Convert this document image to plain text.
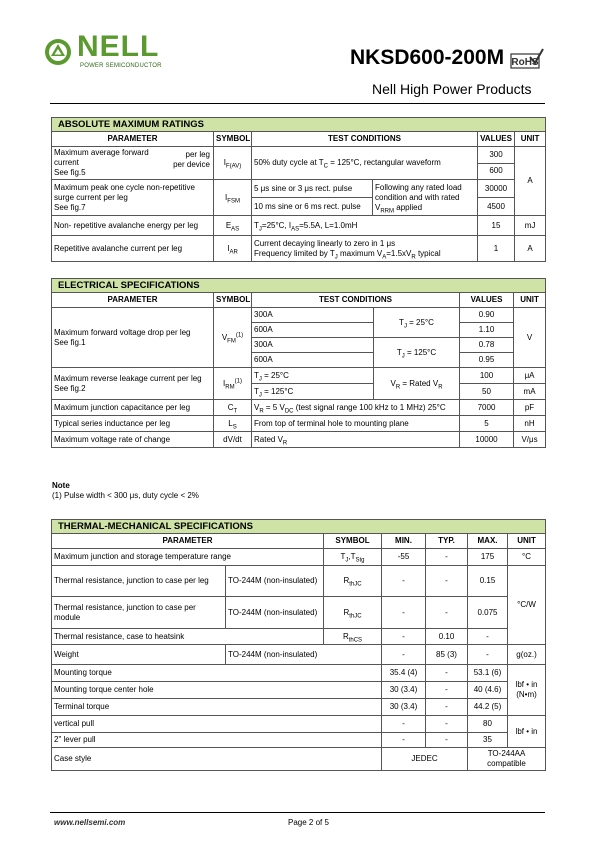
NELL
POWER SEMICONDUCTOR	NKSD600-200M RoHS
Nell High Power Products
ABSOLUTE MAXIMUM RATINGS					
PARAMETER	SYMBOL	TEST CONDITIONS		VALUES	UNIT

Maximum average forward current
See fig.5
per leg
per device	$I_{F(AV)}$	50% duty cycle at $T_C = 125^\circ C$, rectangular waveform		300	A
				600	

Maximum peak one cycle non-repetitive surge current per leg
See fig.7	$I_{FSM}$	5 μs sine or 3 μs rect. pulse	Following any rated load condition and with rated $V_{RRM}$ applied	30000	
		10 ms sine or 6 ms rect. pulse		4500	
Non- repetitive avalanche energy per leg	$E_{AS}$	$T_J=25^\circ C$, $I_{AS}=5.5A$, L=1.0mH		15	mJ
Repetitive avalanche current per leg	$I_{AR}$	Current decaying linearly to zero in 1 μs
Frequency limited by $T_J$ maximum $V_A=1.5xV_R$ typical		1	A
ELECTRICAL SPECIFICATIONS					
PARAMETER	SYMBOL	TEST CONDITIONS		VALUES	UNIT

Maximum forward voltage drop per leg
See fig.1	$V_{FM}^{(1)}$	300A	$T_J = 25^\circ C$	0.90	V
		600A		1.10	
		300A	$T_J = 125^\circ C$	0.78	
		600A		0.95	

Maximum reverse leakage current per leg
See fig.2	$I_{RM}^{(1)}$	$T_J = 25^\circ C$	$V_R$ = Rated $V_R$	100	μA
		$T_J = 125^\circ C$		50	mA
Maximum junction capacitance per leg	$C_T$	$V_R = 5$ $V_{DC}$ (test signal range 100 kHz to 1 MHz) 25°C		7000	pF
Typical series inductance per leg	$L_S$	From top of terminal hole to mounting plane		5	nH
Maximum voltage rate of change	dV/dt	Rated $V_R$		10000	V/μs
Note
(1) Pulse width < 300 μs, duty cycle < 2%
THERMAL-MECHANICAL SPECIFICATIONS						
PARAMETER		SYMBOL	MIN.	TYP.	MAX.	UNIT
Maximum junction and storage temperature range		$T_J,T_{Stg}$	-55	-	175	°C
Thermal resistance, junction to case per leg	TO-244M (non-insulated)	$R_{thJC}$	-	-	0.15	°C/W
Thermal resistance, junction to case per module	TO-244M (non-insulated)	$R_{thJC}$	-	-	0.075	
Thermal resistance, case to heatsink		$R_{thCS}$	-	0.10	-	
Weight	TO-244M (non-insulated)		-	85 (3)	-	g(oz.)
Mounting torque			35.4 (4)	-	53.1 (6)	lbf • in
(N•m)

Mounting torque center hole			30 (3.4)	-	40 (4.6)	
Terminal torque			30 (3.4)	-	44.2 (5)	
vertical pull			-	-	80	lbf • in
2" lever pull			-	-	35	
Case style			JEDEC		TO-244AA compatible	
www.nellsemi.com	Page 2 of 5
